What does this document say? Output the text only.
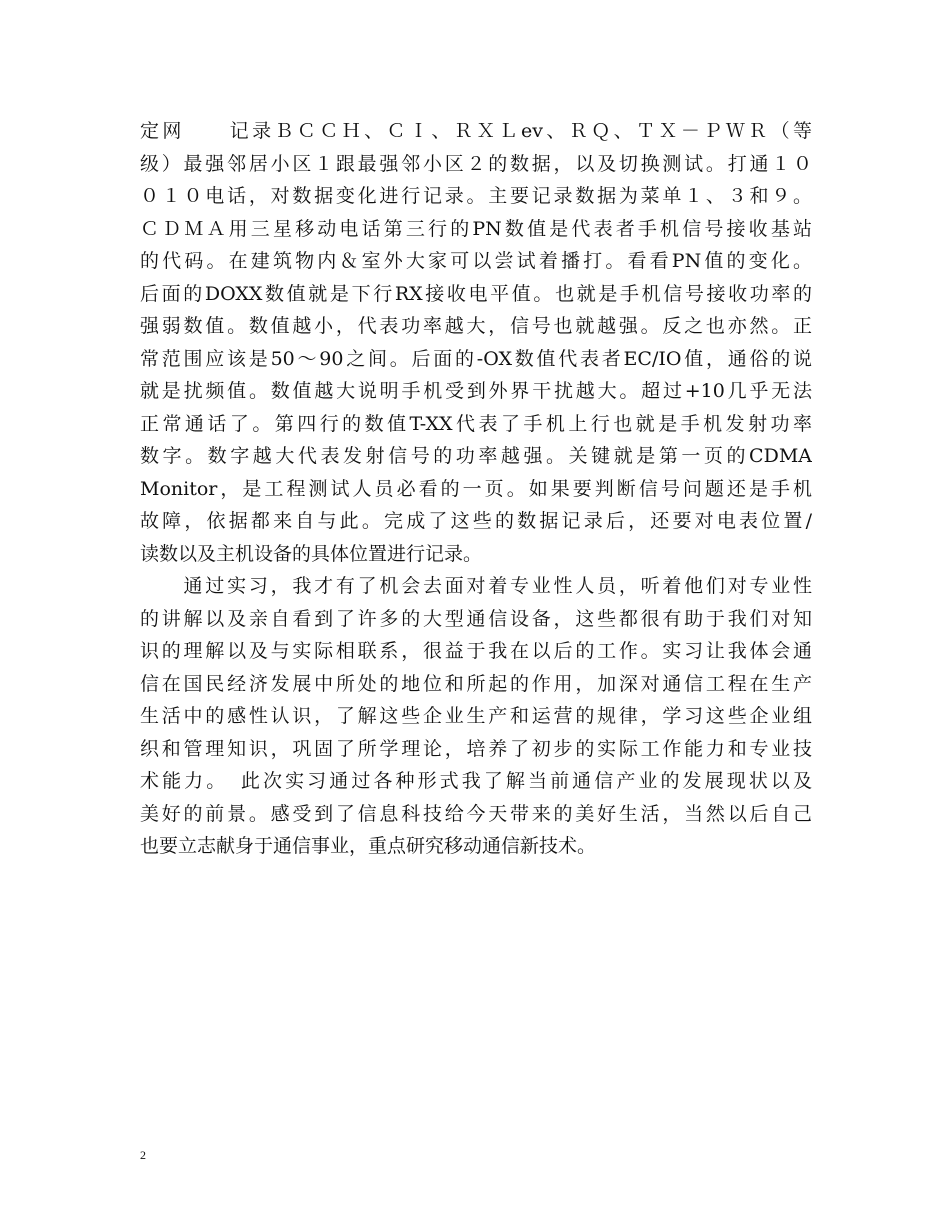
定网　　记录ＢＣＣＨ、ＣＩ、ＲＸＬev、ＲＱ、ＴＸ－ＰＷＲ（等
级）最强邻居小区１跟最强邻小区２的数据，以及切换测试。打通１０
０１０电话，对数据变化进行记录。主要记录数据为菜单１、３和９。
ＣＤＭＡ用三星移动电话第三行的PN数值是代表者手机信号接收基站
的代码。在建筑物内＆室外大家可以尝试着播打。看看PN值的变化。
后面的DOXX数值就是下行RX接收电平值。也就是手机信号接收功率的
强弱数值。数值越小，代表功率越大，信号也就越强。反之也亦然。正
常范围应该是50～90之间。后面的-OX数值代表者EC/IO值，通俗的说
就是扰频值。数值越大说明手机受到外界干扰越大。超过+10几乎无法
正常通话了。第四行的数值T-XX代表了手机上行也就是手机发射功率
数字。数字越大代表发射信号的功率越强。关键就是第一页的CDMA
Monitor，是工程测试人员必看的一页。如果要判断信号问题还是手机
故障，依据都来自与此。完成了这些的数据记录后，还要对电表位置/
读数以及主机设备的具体位置进行记录。
　　通过实习，我才有了机会去面对着专业性人员，听着他们对专业性
的讲解以及亲自看到了许多的大型通信设备，这些都很有助于我们对知
识的理解以及与实际相联系，很益于我在以后的工作。实习让我体会通
信在国民经济发展中所处的地位和所起的作用，加深对通信工程在生产
生活中的感性认识，了解这些企业生产和运营的规律，学习这些企业组
织和管理知识，巩固了所学理论，培养了初步的实际工作能力和专业技
术能力。　此次实习通过各种形式我了解当前通信产业的发展现状以及
美好的前景。感受到了信息科技给今天带来的美好生活，当然以后自己
也要立志献身于通信事业，重点研究移动通信新技术。
2
